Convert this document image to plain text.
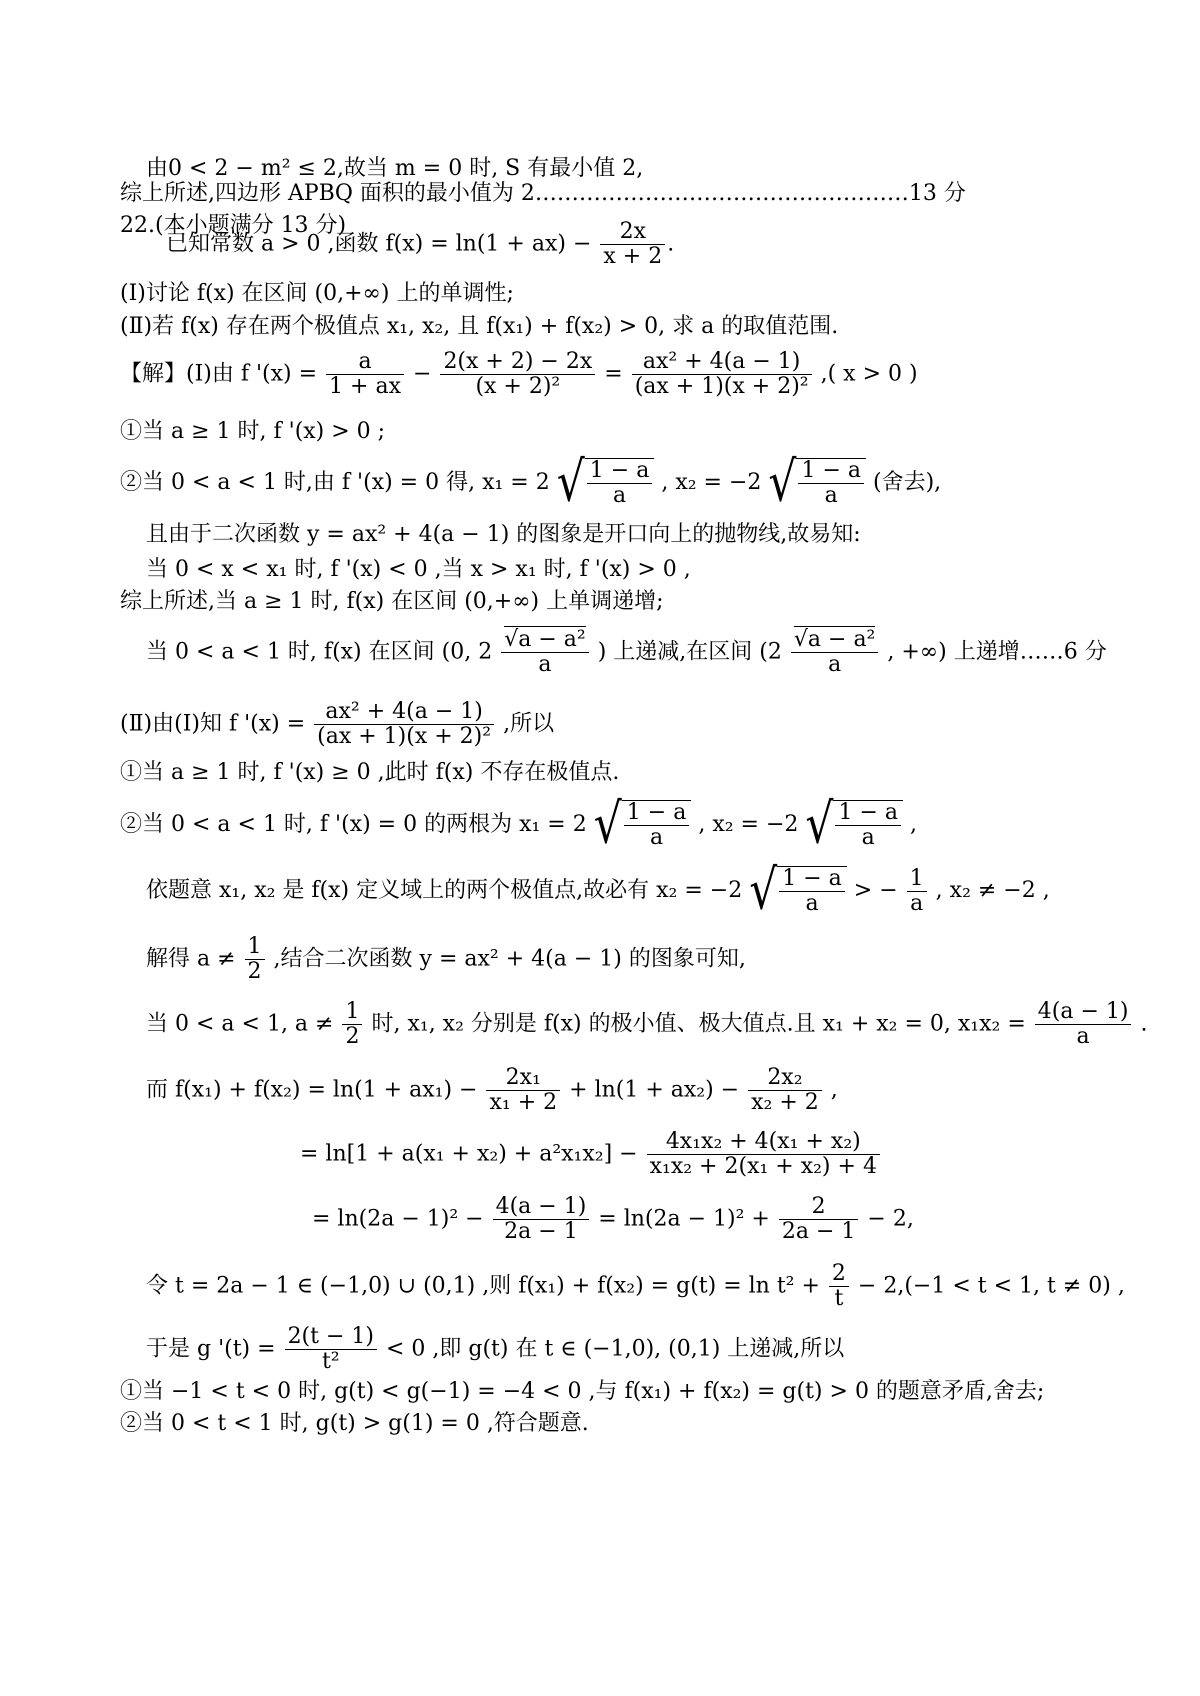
由0 < 2 − m² ≤ 2,故当 m = 0 时, S 有最小值 2,
综上所述,四边形 APBQ 面积的最小值为 2……………………………………………13 分
22.(本小题满分 13 分)
已知常数 a > 0 ,函数 $f(x) = \ln(1 + ax) - \frac{2x}{x + 2}$ .
(Ⅰ)讨论 f(x) 在区间 (0,+∞) 上的单调性;
(Ⅱ)若 f(x) 存在两个极值点 x₁, x₂, 且 f(x₁) + f(x₂) > 0, 求 a 的取值范围.
【解】(Ⅰ)由 f '$(x) = \frac{a}{1 + ax} - \frac{2(x + 2) - 2x}{\text{(x + 2)²}} = \frac{\text{ax² + 4(a − 1)}}{\text{(ax + 1)(x + 2)²}}$ ,( x > 0 )
①当 a ≥ 1 时, f '(x) > 0 ;
②当 0 < a < 1 时,由 f '(x) = 0 得, x₁ = 2 √ $\frac{1 - a}{a}$ , x₂ = −2 √ $\frac{1 - a}{a}$ (舍去),
且由于二次函数 y = ax² + 4(a − 1) 的图象是开口向上的抛物线,故易知:
当 0 < x < x₁ 时, f '(x) < 0 ,当 x > x₁ 时, f '(x) > 0 ,
综上所述,当 a ≥ 1 时, f(x) 在区间 (0,+∞) 上单调递增;
当 0 < a < 1 时, f(x) 在区间 (0, $2 \frac{\text{√a − a²}}{a}$ ) 上递减,在区间 ($2 \frac{\text{√a − a²}}{a}$ , +∞) 上递增……6 分
(Ⅱ)由(Ⅰ)知 f '$(x) = \frac{\text{ax² + 4(a − 1)}}{\text{(ax + 1)(x + 2)²}}$ ,所以
①当 a ≥ 1 时, f '(x) ≥ 0 ,此时 f(x) 不存在极值点.
②当 0 < a < 1 时, f '(x) = 0 的两根为 x₁ = 2 √ $\frac{1 - a}{a}$ , x₂ = −2 √ $\frac{1 - a}{a}$ ,
依题意 x₁, x₂ 是 f(x) 定义域上的两个极值点,故必有 x₂ = −2 √ $\frac{1 - a}{a}$ > − $\frac{1}{a}$ , x₂ ≠ −2 ,
解得 $a \ne \frac{1}{2}$ ,结合二次函数 y = ax² + 4(a − 1) 的图象可知,
当 0 < a < 1, $a \ne \frac{1}{2}$ 时, x₁, x₂ 分别是 f(x) 的极小值、极大值点.且 x₁ + x₂ = 0, $x_1x_2 = \frac{4(a - 1)}{a}$ .
而 $f(x_1) + f(x_2) = \ln(1 + ax_1) - \frac{\text{2x₁}}{\text{x₁ + 2}} + \ln(1 + ax_2) - \frac{\text{2x₂}}{\text{x₂ + 2}}$ ,
= $\ln[1 + a(x_1 + x_2) + a^2x_1x_2] - \frac{\text{4x₁x₂ + 4(x₁ + x₂)}}{\text{x₁x₂ + 2(x₁ + x₂) + 4}}$
= $\ln(2a - 1)^2 - \frac{4(a - 1)}{2a - 1} = \ln(2a - 1)^2 + \frac{2}{2a - 1} - 2$,
令 t = 2a − 1 ∈ (−1,0) ∪ (0,1) ,则 $f(x_1) + f(x_2) = g(t) = \ln t^2 + \frac{2}{t} - 2,(-1 < t < 1$, t ≠ 0) ,
于是 g '$(t) = \frac{2(t - 1)}{\text{t²}} < 0$ ,即 g(t) 在 t ∈ (−1,0), (0,1) 上递减,所以
①当 −1 < t < 0 时, g(t) < g(−1) = −4 < 0 ,与 f(x₁) + f(x₂) = g(t) > 0 的题意矛盾,舍去;
②当 0 < t < 1 时, g(t) > g(1) = 0 ,符合题意.
